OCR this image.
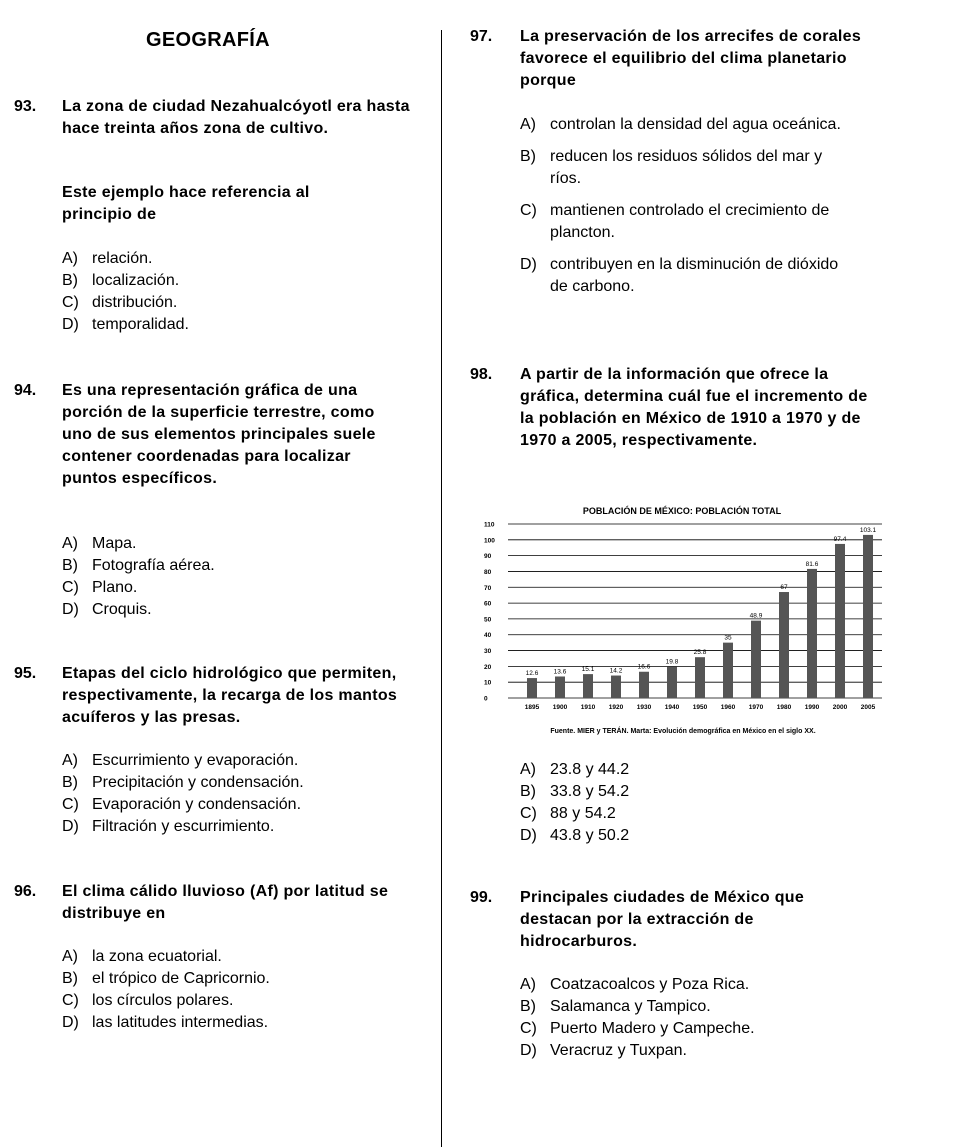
GEOGRAFÍA
93. La zona de ciudad Nezahualcóyotl era hasta hace treinta años zona de cultivo.
Este ejemplo hace referencia al principio de
A) relación.
B) localización.
C) distribución.
D) temporalidad.
94. Es una representación gráfica de una porción de la superficie terrestre, como uno de sus elementos principales suele contener coordenadas para localizar puntos específicos.
A) Mapa.
B) Fotografía aérea.
C) Plano.
D) Croquis.
95. Etapas del ciclo hidrológico que permiten, respectivamente, la recarga de los mantos acuíferos y las presas.
A) Escurrimiento y evaporación.
B) Precipitación y condensación.
C) Evaporación y condensación.
D) Filtración y escurrimiento.
96. El clima cálido lluvioso (Af) por latitud se distribuye en
A) la zona ecuatorial.
B) el trópico de Capricornio.
C) los círculos polares.
D) las latitudes intermedias.
97. La preservación de los arrecifes de corales favorece el equilibrio del clima planetario porque
A) controlan la densidad del agua oceánica.
B) reducen los residuos sólidos del mar y ríos.
C) mantienen controlado el crecimiento de plancton.
D) contribuyen en la disminución de dióxido de carbono.
98. A partir de la información que ofrece la gráfica, determina cuál fue el incremento de la población en México de 1910 a 1970 y de 1970 a 2005, respectivamente.
POBLACIÓN DE MÉXICO: POBLACIÓN TOTAL
0
10
20
30
40
50
60
70
80
90
100
110
12.6 13.6 15.1 14.2
16.6
19.8
25.8
35
48.9
67
81.6
97.4
103.1
1895 1900 1910 1920 1930 1940 1950 1960 1970 1980 1990 2000 2005
Fuente. MIER y TERÁN. Marta: Evolución demográfica en México en el siglo XX.
A) 23.8 y 44.2
B) 33.8 y 54.2
C) 88 y 54.2
D) 43.8 y 50.2
99. Principales ciudades de México que destacan por la extracción de hidrocarburos.
A) Coatzacoalcos y Poza Rica.
B) Salamanca y Tampico.
C) Puerto Madero y Campeche.
D) Veracruz y Tuxpan.
